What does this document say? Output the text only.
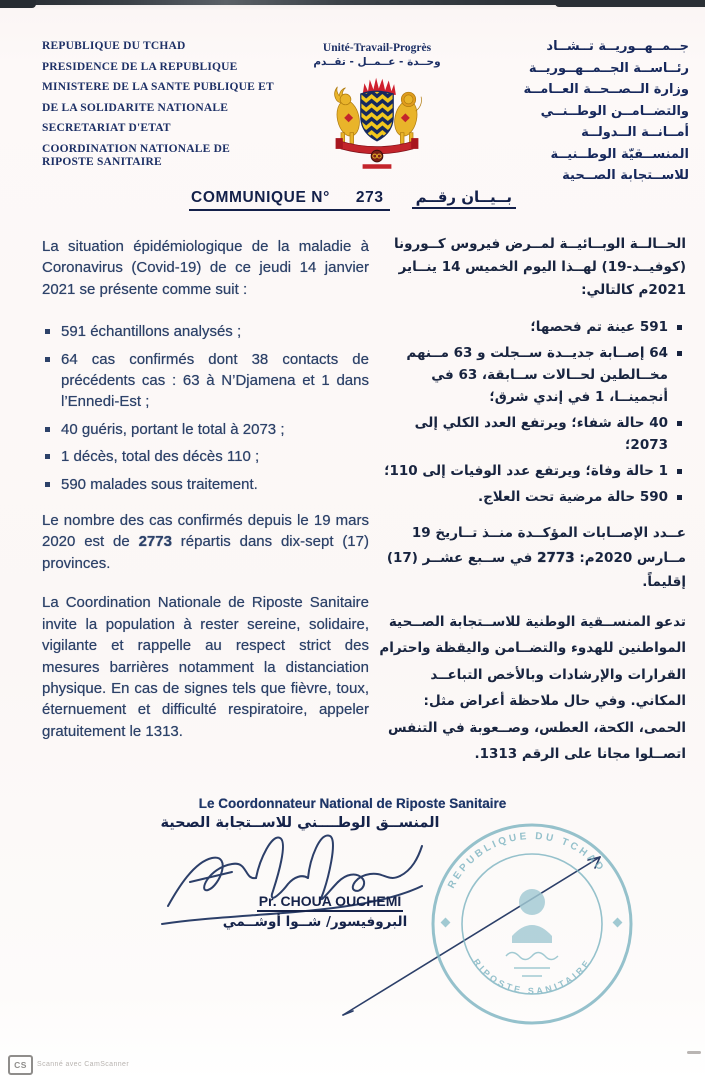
REPUBLIQUE DU TCHAD
PRESIDENCE DE LA REPUBLIQUE
MINISTERE DE LA SANTE PUBLIQUE ET
DE LA SOLIDARITE NATIONALE
SECRETARIAT D'ETAT
COORDINATION NATIONALE DE
RIPOSTE SANITAIRE
Unité-Travail-Progrès
وحــدة - عــمــل - تقــدم
جــمــهــوريــة تــشــاد
رئــاســة الجــمــهــوريــة
وزارة الــصــحــة العــامــة
والتضــامــن الوطــنــي
أمــانــة الــدولــة
المنســقيّة الوطــنيــة
للاســتجابة الصــحية
COMMUNIQUE N° 273	بــيــان رقــم

La situation épidémiologique de la maladie à Coronavirus (Covid-19) de ce jeudi 14 janvier 2021 se présente comme suit :

591 échantillons analysés ;
64 cas confirmés dont 38 contacts de précédents cas : 63 à N’Djamena et 1 dans l’Ennedi-Est ;
40 guéris, portant le total à 2073 ;
1 décès, total des décès 110 ;
590 malades sous traitement.

Le nombre des cas confirmés depuis le 19 mars 2020 est de 2773 répartis dans dix-sept (17) provinces.

La Coordination Nationale de Riposte Sanitaire invite la population à rester sereine, solidaire, vigilante et rappelle au respect strict des mesures barrières notamment la distanciation physique. En cas de signes tels que fièvre, toux, éternuement et difficulté respiratoire, appeler gratuitement le 1313.

الحــالــة الوبــائيــة لمــرض فيروس كــورونا (كوفيــد-19) لهــذا اليوم الخميس 14 ينــاير 2021م كالتالي:

591 عينة تم فحصها؛
64 إصــابة جديــدة ســجلت و 63 مــنهم مخــالطين لحــالات ســابقة، 63 في أنجمينــا، 1 في إندي شرق؛
40 حالة شفاء؛ ويرتفع العدد الكلي إلى 2073؛
1 حالة وفاة؛ ويرتفع عدد الوفيات إلى 110؛
590 حالة مرضية تحت العلاج.

عــدد الإصــابات المؤكــدة منــذ تــاريخ 19 مــارس 2020م: 2773 في ســبع عشــر (17) إقليماً.

تدعو المنســقية الوطنية للاســتجابة الصــحية المواطنين للهدوء والتضــامن واليقظة واحترام القرارات والإرشادات وبالأخص التباعــد المكاني. وفي حال ملاحظة أعراض مثل: الحمى، الكحة، العطس، وصــعوبة في التنفس اتصــلوا مجانا على الرقم 1313.

Le Coordonnateur National de Riposte Sanitaire
المنســق الوطــــني للاســتجابة الصحية
REPUBLIQUE DU TCHAD
RIPOSTE SANITAIRE
Pr. CHOUA OUCHEMI
البروفيسور/ شــوا أوشــمي
CS	Scanné avec CamScanner
